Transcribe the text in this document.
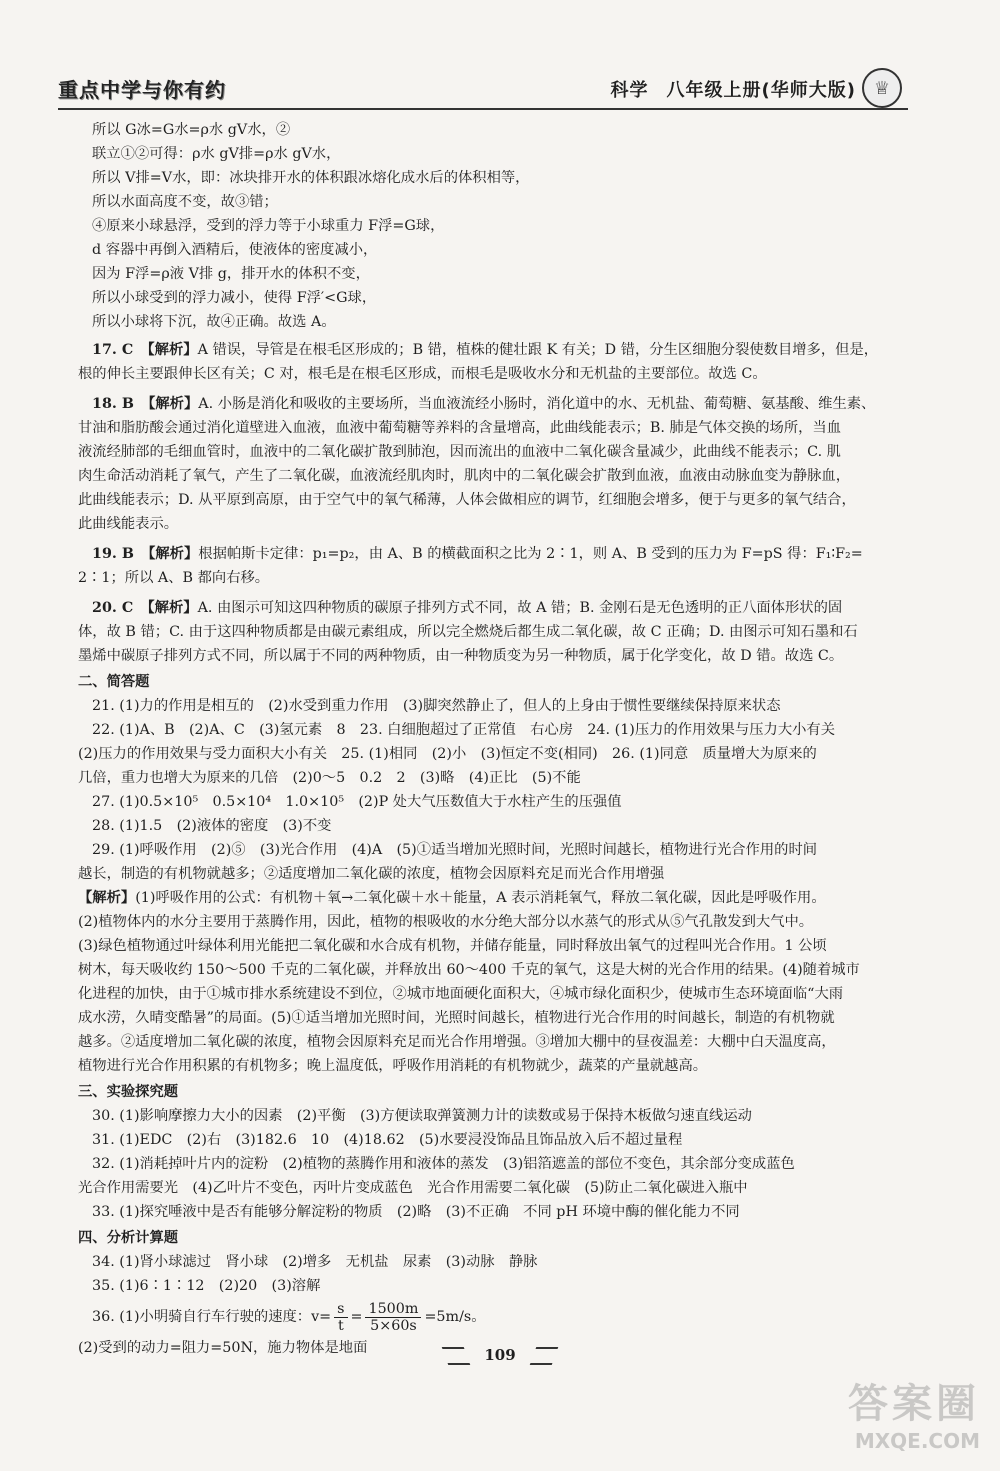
重点中学与你有约	科学 八年级上册(华师大版) ♕
所以 G冰=G水=ρ水 gV水，②
联立①②可得：ρ水 gV排=ρ水 gV水，
所以 V排=V水，即：冰块排开水的体积跟冰熔化成水后的体积相等，
所以水面高度不变，故③错；
④原来小球悬浮，受到的浮力等于小球重力 F浮=G球，
d 容器中再倒入酒精后，使液体的密度减小，
因为 F浮=ρ液 V排 g，排开水的体积不变，
所以小球受到的浮力减小，使得 F浮′<G球，
所以小球将下沉，故④正确。故选 A。
17. C　 【解析】A 错误，导管是在根毛区形成的；B 错，植株的健壮跟 K 有关；D 错，分生区细胞分裂使数目增多，但是，
根的伸长主要跟伸长区有关；C 对，根毛是在根毛区形成，而根毛是吸收水分和无机盐的主要部位。故选 C。
18. B　 【解析】A. 小肠是消化和吸收的主要场所，当血液流经小肠时，消化道中的水、无机盐、葡萄糖、氨基酸、维生素、
甘油和脂肪酸会通过消化道壁进入血液，血液中葡萄糖等养料的含量增高，此曲线能表示；B. 肺是气体交换的场所，当血
液流经肺部的毛细血管时，血液中的二氧化碳扩散到肺泡，因而流出的血液中二氧化碳含量减少，此曲线不能表示；C. 肌
肉生命活动消耗了氧气，产生了二氧化碳，血液流经肌肉时，肌肉中的二氧化碳会扩散到血液，血液由动脉血变为静脉血，
此曲线能表示；D. 从平原到高原，由于空气中的氧气稀薄，人体会做相应的调节，红细胞会增多，便于与更多的氧气结合，
此曲线能表示。
19. B　 【解析】根据帕斯卡定律：p₁=p₂，由 A、B 的横截面积之比为 2∶1，则 A、B 受到的压力为 F=pS 得：F₁∶F₂=
2∶1；所以 A、B 都向右移。
20. C　 【解析】A. 由图示可知这四种物质的碳原子排列方式不同，故 A 错；B. 金刚石是无色透明的正八面体形状的固
体，故 B 错；C. 由于这四种物质都是由碳元素组成，所以完全燃烧后都生成二氧化碳，故 C 正确；D. 由图示可知石墨和石
墨烯中碳原子排列方式不同，所以属于不同的两种物质，由一种物质变为另一种物质，属于化学变化，故 D 错。故选 C。
二、简答题
21. (1)力的作用是相互的　(2)水受到重力作用　(3)脚突然静止了，但人的上身由于惯性要继续保持原来状态
22. (1)A、B　(2)A、C　(3)氢元素　8　23. 白细胞超过了正常值　右心房　24. (1)压力的作用效果与压力大小有关
(2)压力的作用效果与受力面积大小有关　25. (1)相同　(2)小　(3)恒定不变(相同)　26. (1)同意　质量增大为原来的
几倍，重力也增大为原来的几倍　(2)0～5　0.2　2　(3)略　(4)正比　(5)不能
27. (1)0.5×10⁵　0.5×10⁴　1.0×10⁵　(2)P 处大气压数值大于水柱产生的压强值
28. (1)1.5　(2)液体的密度　(3)不变
29. (1)呼吸作用　(2)⑤　(3)光合作用　(4)A　(5)①适当增加光照时间，光照时间越长，植物进行光合作用的时间
越长，制造的有机物就越多；②适度增加二氧化碳的浓度，植物会因原料充足而光合作用增强
【解析】(1)呼吸作用的公式：有机物＋氧→二氧化碳＋水＋能量，A 表示消耗氧气，释放二氧化碳，因此是呼吸作用。
(2)植物体内的水分主要用于蒸腾作用，因此，植物的根吸收的水分绝大部分以水蒸气的形式从⑤气孔散发到大气中。
(3)绿色植物通过叶绿体利用光能把二氧化碳和水合成有机物，并储存能量，同时释放出氧气的过程叫光合作用。1 公顷
树木，每天吸收约 150～500 千克的二氧化碳，并释放出 60～400 千克的氧气，这是大树的光合作用的结果。(4)随着城市
化进程的加快，由于①城市排水系统建设不到位，②城市地面硬化面积大，④城市绿化面积少，使城市生态环境面临“大雨
成水涝，久晴变酷暑”的局面。(5)①适当增加光照时间，光照时间越长，植物进行光合作用的时间越长，制造的有机物就
越多。②适度增加二氧化碳的浓度，植物会因原料充足而光合作用增强。③增加大棚中的昼夜温差：大棚中白天温度高，
植物进行光合作用积累的有机物多；晚上温度低，呼吸作用消耗的有机物就少，蔬菜的产量就越高。
三、实验探究题
30. (1)影响摩擦力大小的因素　(2)平衡　(3)方便读取弹簧测力计的读数或易于保持木板做匀速直线运动
31. (1)EDC　(2)右　(3)182.6　10　(4)18.62　(5)水要浸没饰品且饰品放入后不超过量程
32. (1)消耗掉叶片内的淀粉　(2)植物的蒸腾作用和液体的蒸发　(3)铝箔遮盖的部位不变色，其余部分变成蓝色
光合作用需要光　(4)乙叶片不变色，丙叶片变成蓝色　光合作用需要二氧化碳　(5)防止二氧化碳进入瓶中
33. (1)探究唾液中是否有能够分解淀粉的物质　(2)略　(3)不正确　不同 pH 环境中酶的催化能力不同
四、分析计算题
34. (1)肾小球滤过　肾小球　(2)增多　无机盐　尿素　(3)动脉　静脉
35. (1)6∶1∶12　(2)20　(3)溶解
36. (1)小明骑自行车行驶的速度：$v= \frac{s}{t} = \frac{1500m}{5\times 60s} =5m/s$。
(2)受到的动力=阻力=50N，施力物体是地面	109
答案圈
MXQE.COM
